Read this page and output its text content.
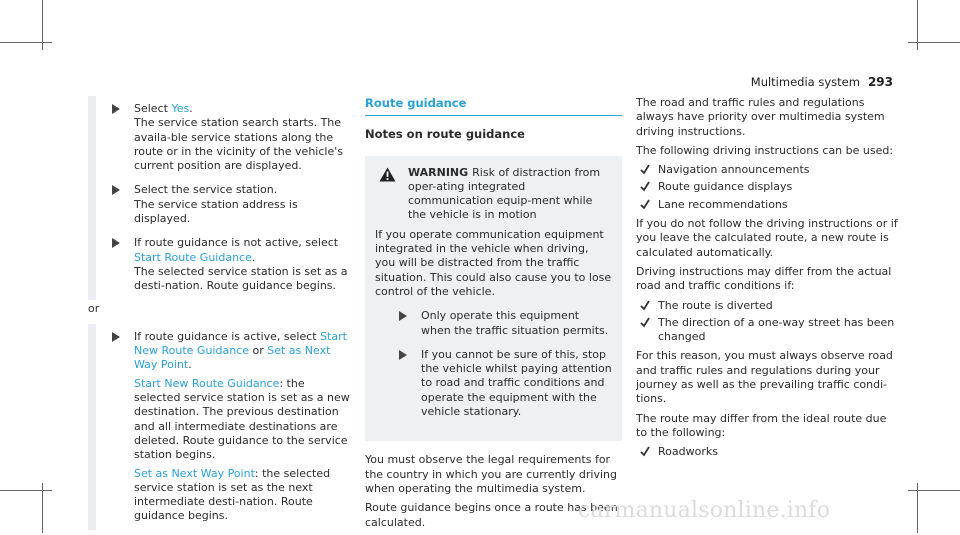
Multimedia system 293
Select Yes.
The service station search starts. The availa-ble service stations along the route or in the vicinity of the vehicle's current position are displayed.
Select the service station.
The service station address is displayed.
If route guidance is not active, select Start Route Guidance.
The selected service station is set as a desti-nation. Route guidance begins.
or
If route guidance is active, select Start New Route Guidance or Set as Next Way Point.
Start New Route Guidance: the selected service station is set as a new destination. The previous destination and all intermediate destinations are deleted. Route guidance to the service station begins.
Set as Next Way Point: the selected service station is set as the next intermediate desti-nation. Route guidance begins.
Route guidance
Notes on route guidance
WARNING Risk of distraction from oper-ating integrated communication equip-ment while the vehicle is in motion

If you operate communication equipment integrated in the vehicle when driving, you will be distracted from the traffic situation. This could also cause you to lose control of the vehicle.

Only operate this equipment when the traffic situation permits.
If you cannot be sure of this, stop the vehicle whilst paying attention to road and traffic conditions and operate the equipment with the vehicle stationary.

You must observe the legal requirements for the country in which you are currently driving when operating the multimedia system.

Route guidance begins once a route has been calculated.

The road and traffic rules and regulations always have priority over multimedia system driving instructions.

The following driving instructions can be used:

Navigation announcements
Route guidance displays
Lane recommendations

If you do not follow the driving instructions or if you leave the calculated route, a new route is calculated automatically.

Driving instructions may differ from the actual road and traffic conditions if:

The route is diverted
The direction of a one-way street has been changed

For this reason, you must always observe road and traffic rules and regulations during your journey as well as the prevailing traffic condi-tions.

The route may differ from the ideal route due to the following:

Roadworks
carmanualsonline.info
